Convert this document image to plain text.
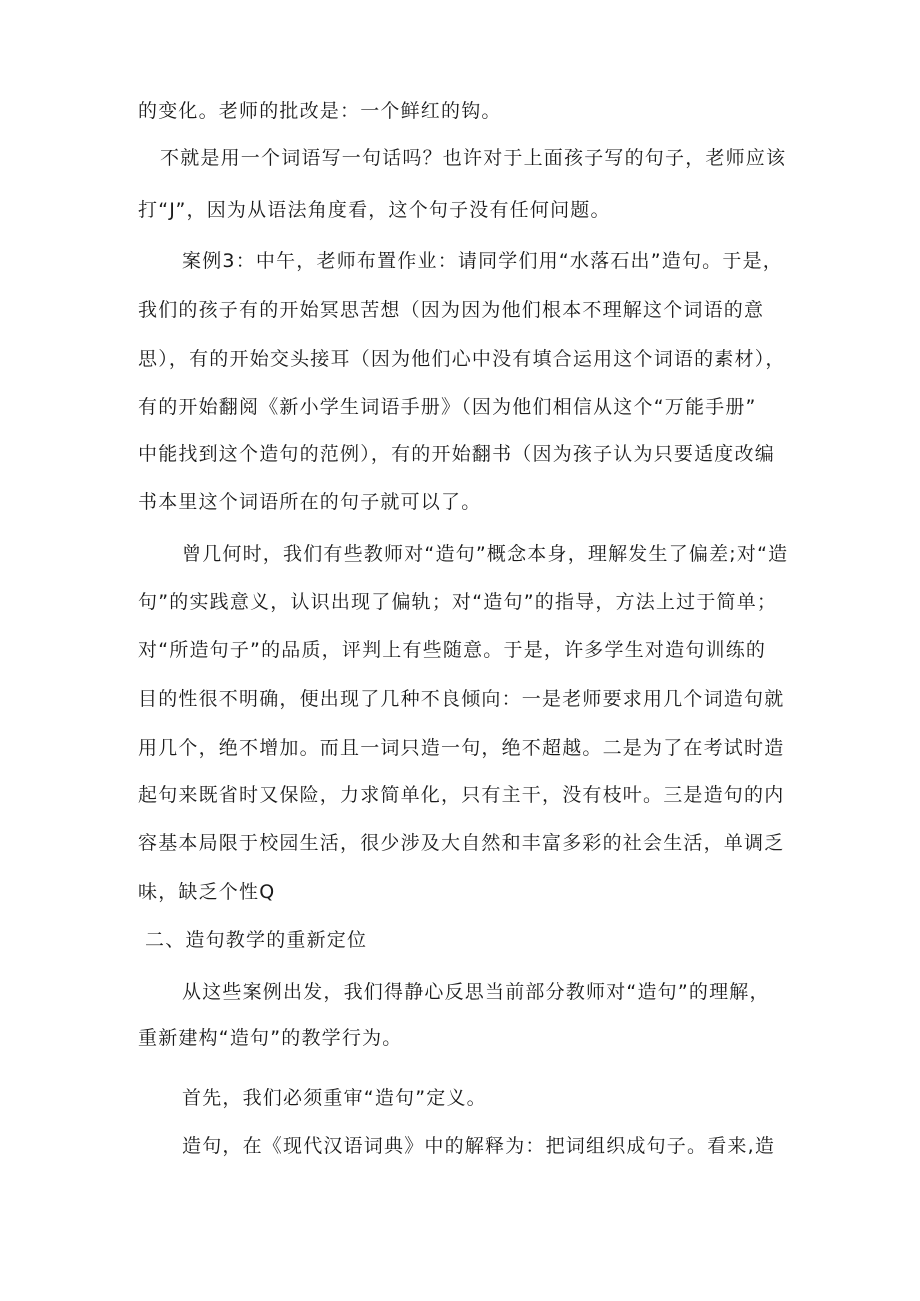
的变化。老师的批改是：一个鲜红的钩。
不就是用一个词语写一句话吗？也许对于上面孩子写的句子，老师应该
打“J”，因为从语法角度看，这个句子没有任何问题。
案例3：中午，老师布置作业：请同学们用“水落石出”造句。于是，
我们的孩子有的开始冥思苦想（因为因为他们根本不理解这个词语的意
思），有的开始交头接耳（因为他们心中没有填合运用这个词语的素材），
有的开始翻阅《新小学生词语手册》（因为他们相信从这个“万能手册”
中能找到这个造句的范例），有的开始翻书（因为孩子认为只要适度改编
书本里这个词语所在的句子就可以了。
曾几何时，我们有些教师对“造句”概念本身，理解发生了偏差;对“造
句”的实践意义，认识出现了偏轨；对“造句”的指导，方法上过于简单；
对“所造句子”的品质，评判上有些随意。于是，许多学生对造句训练的
目的性很不明确，便出现了几种不良倾向：一是老师要求用几个词造句就
用几个，绝不增加。而且一词只造一句，绝不超越。二是为了在考试时造
起句来既省时又保险，力求简单化，只有主干，没有枝叶。三是造句的内
容基本局限于校园生活，很少涉及大自然和丰富多彩的社会生活，单调乏
味，缺乏个性Q
二、造句教学的重新定位
从这些案例出发，我们得静心反思当前部分教师对“造句”的理解，
重新建构“造句”的教学行为。
首先，我们必须重审“造句”定义。
造句，在《现代汉语词典》中的解释为：把词组织成句子。看来,造
